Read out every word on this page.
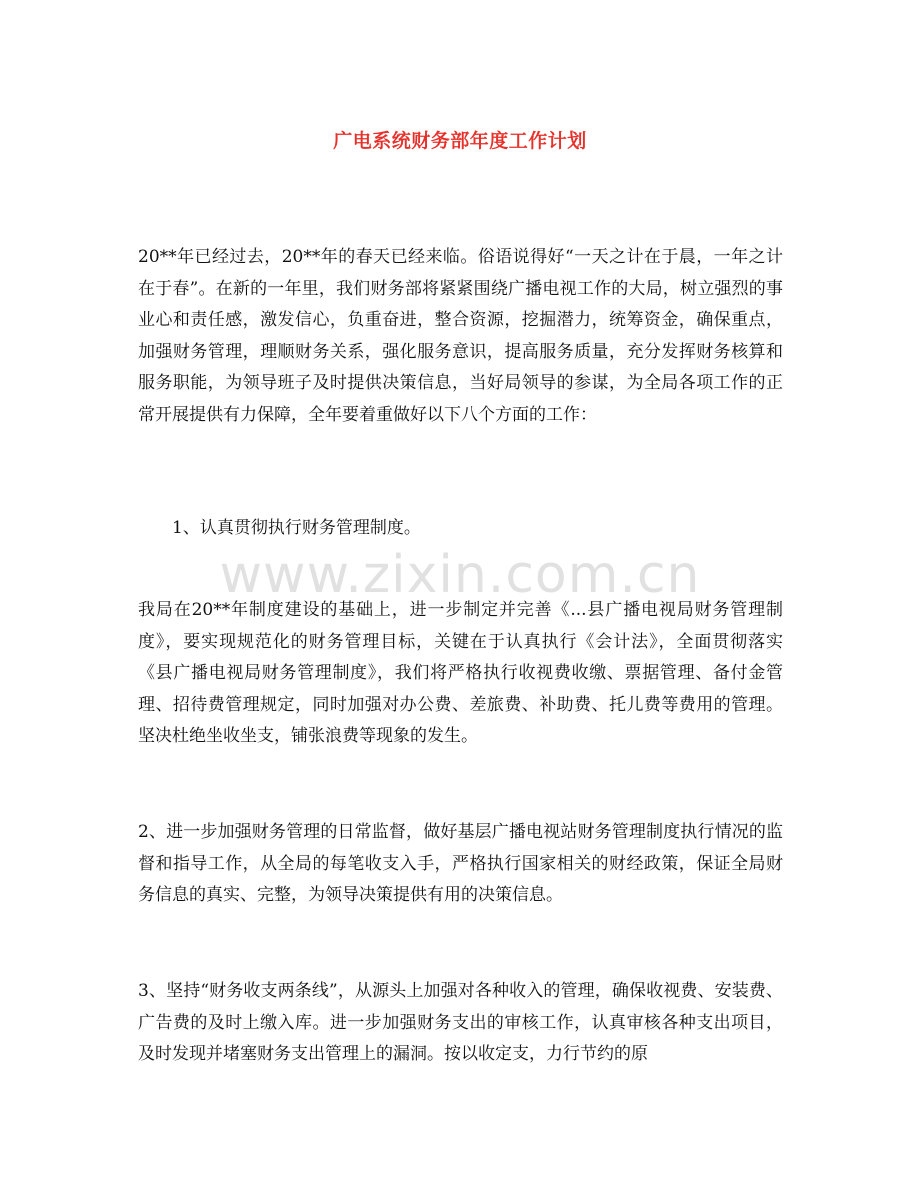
广电系统财务部年度工作计划

20**年已经过去，20**年的春天已经来临。俗语说得好“一天之计在于晨，一年之计在于春”。在新的一年里，我们财务部将紧紧围绕广播电视工作的大局，树立强烈的事业心和责任感，激发信心，负重奋进，整合资源，挖掘潜力，统筹资金，确保重点，加强财务管理，理顺财务关系，强化服务意识，提高服务质量，充分发挥财务核算和服务职能，为领导班子及时提供决策信息，当好局领导的参谋，为全局各项工作的正常开展提供有力保障，全年要着重做好以下八个方面的工作：

1、认真贯彻执行财务管理制度。

我局在20**年制度建设的基础上，进一步制定并完善《...县广播电视局财务管理制度》，要实现规范化的财务管理目标，关键在于认真执行《会计法》，全面贯彻落实《县广播电视局财务管理制度》，我们将严格执行收视费收缴、票据管理、备付金管理、招待费管理规定，同时加强对办公费、差旅费、补助费、托儿费等费用的管理。坚决杜绝坐收坐支，铺张浪费等现象的发生。

2、进一步加强财务管理的日常监督，做好基层广播电视站财务管理制度执行情况的监督和指导工作，从全局的每笔收支入手，严格执行国家相关的财经政策，保证全局财务信息的真实、完整，为领导决策提供有用的决策信息。

3、坚持“财务收支两条线”，从源头上加强对各种收入的管理，确保收视费、安装费、广告费的及时上缴入库。进一步加强财务支出的审核工作，认真审核各种支出项目，及时发现并堵塞财务支出管理上的漏洞。按以收定支，力行节约的原

www.zixin.com.cn
